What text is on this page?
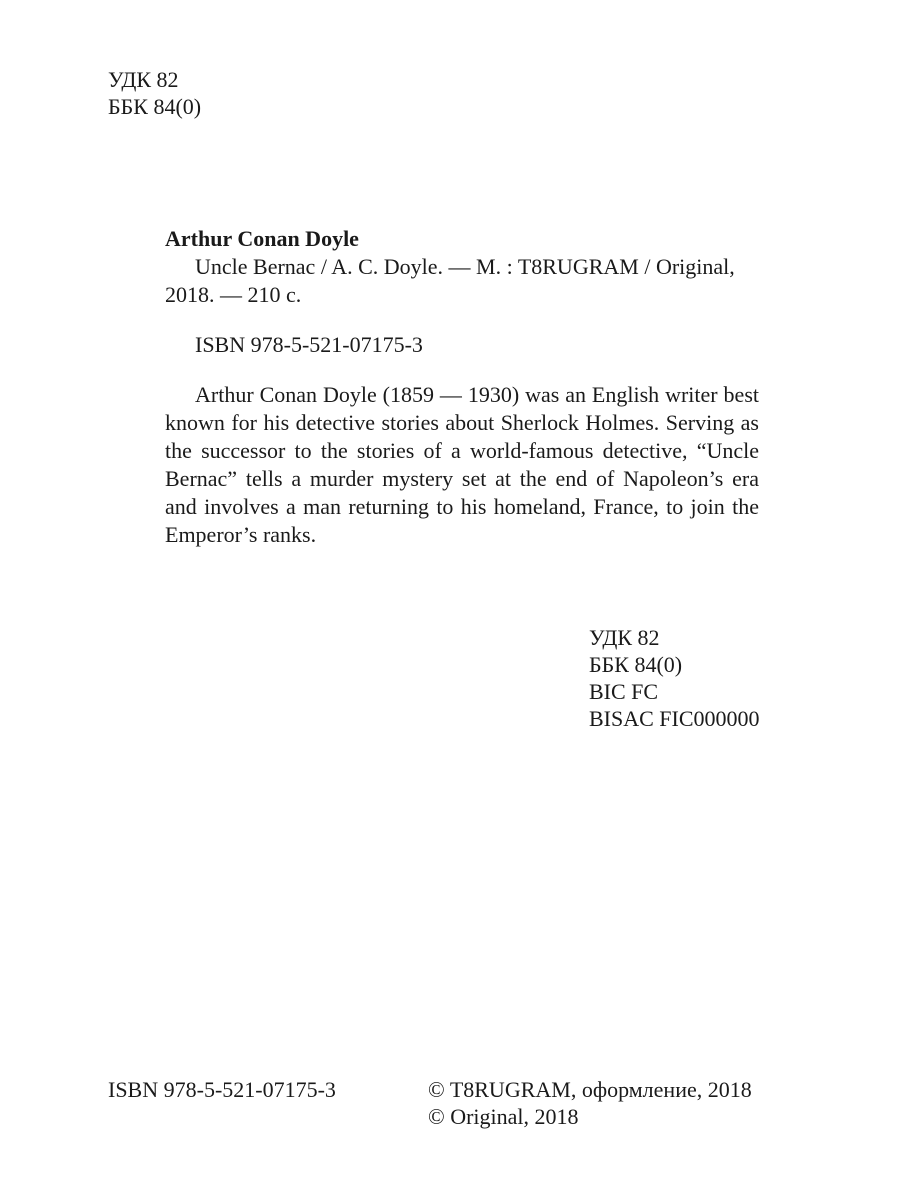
УДК 82

ББК 84(0)

Arthur Conan Doyle

Uncle Bernac / A. C. Doyle. — M. : T8RUGRAM / Original,

2018. — 210 c.

ISBN 978-5-521-07175-3

Arthur Conan Doyle (1859 — 1930) was an English writer best known for his detective stories about Sherlock Holmes. Serving as the successor to the stories of a world-famous detective, “Uncle Bernac” tells a murder mystery set at the end of Napoleon’s era and involves a man returning to his homeland, France, to join the Emperor’s ranks.

УДК 82

ББК 84(0)

BIC FC

BISAC FIC000000

ISBN 978-5-521-07175-3	© T8RUGRAM, оформление, 2018

© Original, 2018
